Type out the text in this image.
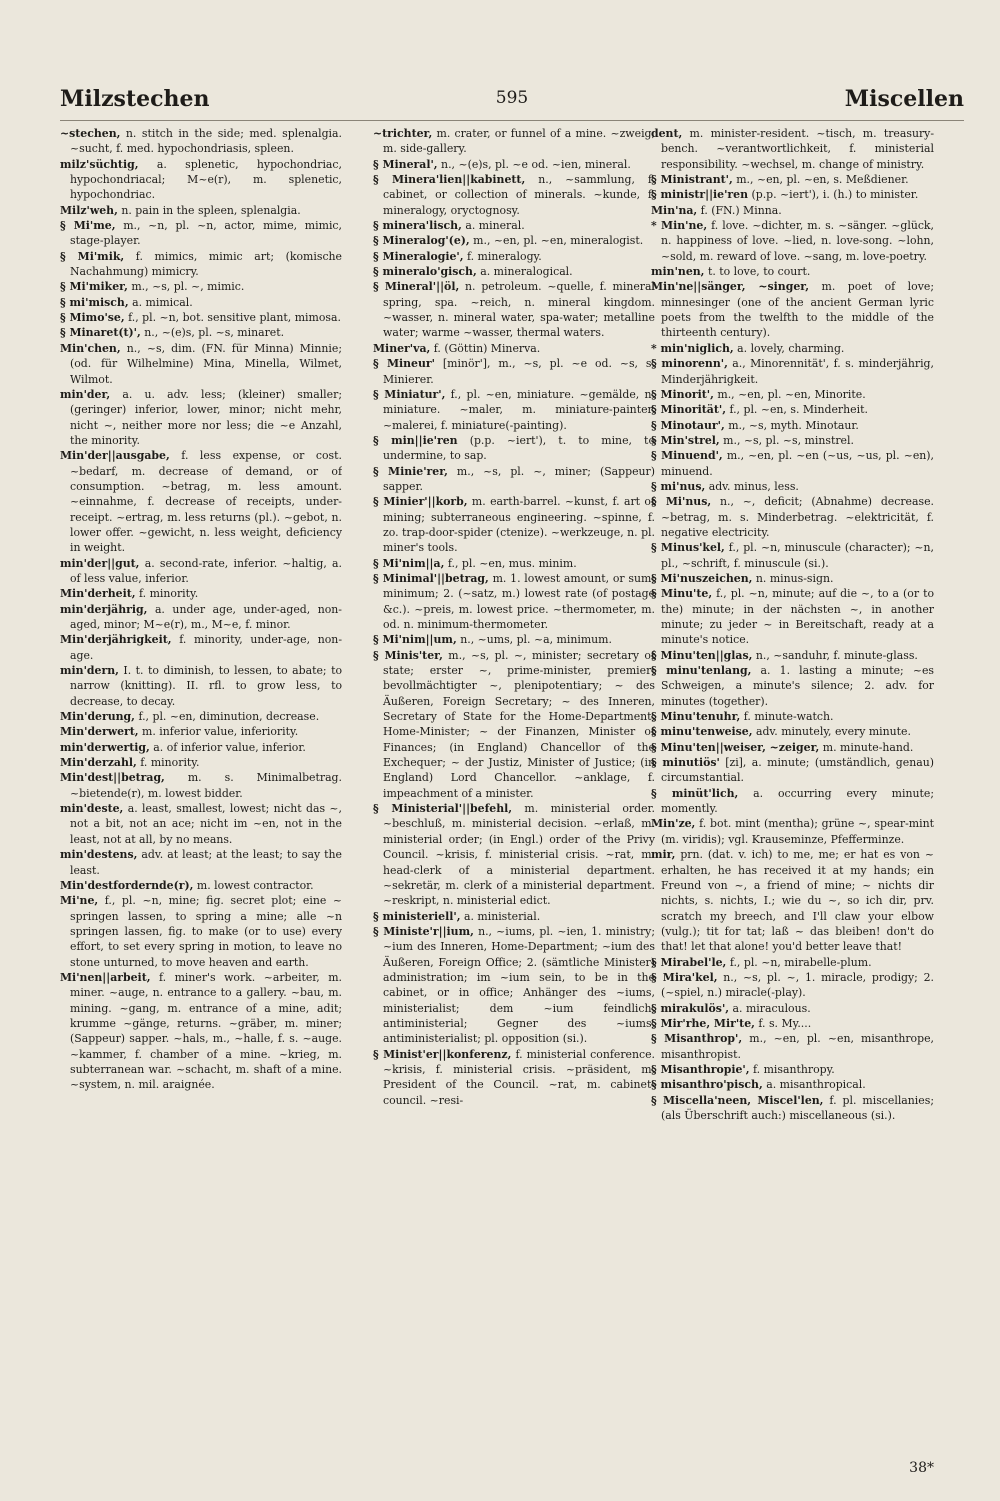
Milzstechen	595	Miscellen

~stechen, n. stitch in the side; med. splenalgia. ~sucht, f. med. hypochondriasis, spleen.

milz'süchtig, a. splenetic, hypochondriac, hypochondriacal; M~e(r), m. splenetic, hypochondriac.

Milz'weh, n. pain in the spleen, splenalgia.

§ Mi'me, m., ~n, pl. ~n, actor, mime, mimic, stage-player.

§ Mi'mik, f. mimics, mimic art; (komische Nachahmung) mimicry.

§ Mi'miker, m., ~s, pl. ~, mimic.

§ mi'misch, a. mimical.

§ Mimo'se, f., pl. ~n, bot. sensitive plant, mimosa.

§ Minaret(t)', n., ~(e)s, pl. ~s, minaret.

Min'chen, n., ~s, dim. (FN. für Minna) Minnie; (od. für Wilhelmine) Mina, Minella, Wilmet, Wilmot.

min'der, a. u. adv. less; (kleiner) smaller; (geringer) inferior, lower, minor; nicht mehr, nicht ~, neither more nor less; die ~e Anzahl, the minority.

Min'der||ausgabe, f. less expense, or cost. ~bedarf, m. decrease of demand, or of consumption. ~betrag, m. less amount. ~einnahme, f. decrease of receipts, under-receipt. ~ertrag, m. less returns (pl.). ~gebot, n. lower offer. ~gewicht, n. less weight, deficiency in weight.

min'der||gut, a. second-rate, inferior. ~haltig, a. of less value, inferior.

Min'derheit, f. minority.

min'derjährig, a. under age, under-aged, non-aged, minor; M~e(r), m., M~e, f. minor.

Min'derjährigkeit, f. minority, under-age, non-age.

min'dern, I. t. to diminish, to lessen, to abate; to narrow (knitting). II. rfl. to grow less, to decrease, to decay.

Min'derung, f., pl. ~en, diminution, decrease.

Min'derwert, m. inferior value, inferiority.

min'derwertig, a. of inferior value, inferior.

Min'derzahl, f. minority.

Min'dest||betrag, m. s. Minimalbetrag. ~bietende(r), m. lowest bidder.

min'deste, a. least, smallest, lowest; nicht das ~, not a bit, not an ace; nicht im ~en, not in the least, not at all, by no means.

min'destens, adv. at least; at the least; to say the least.

Min'destfordernde(r), m. lowest contractor.

Mi'ne, f., pl. ~n, mine; fig. secret plot; eine ~ springen lassen, to spring a mine; alle ~n springen lassen, fig. to make (or to use) every effort, to set every spring in motion, to leave no stone unturned, to move heaven and earth.

Mi'nen||arbeit, f. miner's work. ~arbeiter, m. miner. ~auge, n. entrance to a gallery. ~bau, m. mining. ~gang, m. entrance of a mine, adit; krumme ~gänge, returns. ~gräber, m. miner; (Sappeur) sapper. ~hals, m., ~halle, f. s. ~auge. ~kammer, f. chamber of a mine. ~krieg, m. subterranean war. ~schacht, m. shaft of a mine. ~system, n. mil. araignée.

~trichter, m. crater, or funnel of a mine. ~zweig, m. side-gallery.

§ Mineral', n., ~(e)s, pl. ~e od. ~ien, mineral.

§ Minera'lien||kabinett, n., ~sammlung, f. cabinet, or collection of minerals. ~kunde, f. mineralogy, oryctognosy.

§ minera'lisch, a. mineral.

§ Mineralog'(e), m., ~en, pl. ~en, mineralogist.

§ Mineralogie', f. mineralogy.

§ mineralo'gisch, a. mineralogical.

§ Mineral'||öl, n. petroleum. ~quelle, f. mineral spring, spa. ~reich, n. mineral kingdom. ~wasser, n. mineral water, spa-water; metalline water; warme ~wasser, thermal waters.

Miner'va, f. (Göttin) Minerva.

§ Mineur' [minör'], m., ~s, pl. ~e od. ~s, s. Minierer.

§ Miniatur', f., pl. ~en, miniature. ~gemälde, n. miniature. ~maler, m. miniature-painter. ~malerei, f. miniature(-painting).

§ min||ie'ren (p.p. ~iert'), t. to mine, to undermine, to sap.

§ Minie'rer, m., ~s, pl. ~, miner; (Sappeur) sapper.

§ Minier'||korb, m. earth-barrel. ~kunst, f. art of mining; subterraneous engineering. ~spinne, f. zo. trap-door-spider (ctenize). ~werkzeuge, n. pl. miner's tools.

§ Mi'nim||a, f., pl. ~en, mus. minim.

§ Minimal'||betrag, m. 1. lowest amount, or sum; minimum; 2. (~satz, m.) lowest rate (of postage &c.). ~preis, m. lowest price. ~thermometer, m. od. n. minimum-thermometer.

§ Mi'nim||um, n., ~ums, pl. ~a, minimum.

§ Minis'ter, m., ~s, pl. ~, minister; secretary of state; erster ~, prime-minister, premier; bevollmächtigter ~, plenipotentiary; ~ des Äußeren, Foreign Secretary; ~ des Inneren, Secretary of State for the Home-Department, Home-Minister; ~ der Finanzen, Minister of Finances; (in England) Chancellor of the Exchequer; ~ der Justiz, Minister of Justice; (in England) Lord Chancellor. ~anklage, f. impeachment of a minister.

§ Ministerial'||befehl, m. ministerial order. ~beschluß, m. ministerial decision. ~erlaß, m. ministerial order; (in Engl.) order of the Privy Council. ~krisis, f. ministerial crisis. ~rat, m. head-clerk of a ministerial department. ~sekretär, m. clerk of a ministerial department. ~reskript, n. ministerial edict.

§ ministeriell', a. ministerial.

§ Ministe'r||ium, n., ~iums, pl. ~ien, 1. ministry; ~ium des Inneren, Home-Department; ~ium des Äußeren, Foreign Office; 2. (sämtliche Minister) administration; im ~ium sein, to be in the cabinet, or in office; Anhänger des ~iums, ministerialist; dem ~ium feindlich, antiministerial; Gegner des ~iums, antiministerialist; pl. opposition (si.).

§ Minist'er||konferenz, f. ministerial conference. ~krisis, f. ministerial crisis. ~präsident, m. President of the Council. ~rat, m. cabinet-council. ~resi-

dent, m. minister-resident. ~tisch, m. treasury-bench. ~verantwortlichkeit, f. ministerial responsibility. ~wechsel, m. change of ministry.

§ Ministrant', m., ~en, pl. ~en, s. Meßdiener.

§ ministr||ie'ren (p.p. ~iert'), i. (h.) to minister.

Min'na, f. (FN.) Minna.

* Min'ne, f. love. ~dichter, m. s. ~sänger. ~glück, n. happiness of love. ~lied, n. love-song. ~lohn, ~sold, m. reward of love. ~sang, m. love-poetry.

min'nen, t. to love, to court.

Min'ne||sänger, ~singer, m. poet of love; minnesinger (one of the ancient German lyric poets from the twelfth to the middle of the thirteenth century).

* min'niglich, a. lovely, charming.

§ minorenn', a., Minorennität', f. s. minderjährig, Minderjährigkeit.

§ Minorit', m., ~en, pl. ~en, Minorite.

§ Minorität', f., pl. ~en, s. Minderheit.

§ Minotaur', m., ~s, myth. Minotaur.

§ Min'strel, m., ~s, pl. ~s, minstrel.

§ Minuend', m., ~en, pl. ~en (~us, ~us, pl. ~en), minuend.

§ mi'nus, adv. minus, less.

§ Mi'nus, n., ~, deficit; (Abnahme) decrease. ~betrag, m. s. Minderbetrag. ~elektricität, f. negative electricity.

§ Minus'kel, f., pl. ~n, minuscule (character); ~n, pl., ~schrift, f. minuscule (si.).

§ Mi'nuszeichen, n. minus-sign.

§ Minu'te, f., pl. ~n, minute; auf die ~, to a (or to the) minute; in der nächsten ~, in another minute; zu jeder ~ in Bereitschaft, ready at a minute's notice.

§ Minu'ten||glas, n., ~sanduhr, f. minute-glass.

§ minu'tenlang, a. 1. lasting a minute; ~es Schweigen, a minute's silence; 2. adv. for minutes (together).

§ Minu'tenuhr, f. minute-watch.

§ minu'tenweise, adv. minutely, every minute.

§ Minu'ten||weiser, ~zeiger, m. minute-hand.

§ minutiös' [zi], a. minute; (umständlich, genau) circumstantial.

§ minüt'lich, a. occurring every minute; momently.

Min'ze, f. bot. mint (mentha); grüne ~, spear-mint (m. viridis); vgl. Krauseminze, Pfefferminze.

mir, prn. (dat. v. ich) to me, me; er hat es von ~ erhalten, he has received it at my hands; ein Freund von ~, a friend of mine; ~ nichts dir nichts, s. nichts, I.; wie du ~, so ich dir, prv. scratch my breech, and I'll claw your elbow (vulg.); tit for tat; laß ~ das bleiben! don't do that! let that alone! you'd better leave that!

§ Mirabel'le, f., pl. ~n, mirabelle-plum.

§ Mira'kel, n., ~s, pl. ~, 1. miracle, prodigy; 2. (~spiel, n.) miracle(-play).

§ mirakulös', a. miraculous.

§ Mir'rhe, Mir'te, f. s. My....

§ Misanthrop', m., ~en, pl. ~en, misanthrope, misanthropist.

§ Misanthropie', f. misanthropy.

§ misanthro'pisch, a. misanthropical.

§ Miscella'neen, Miscel'len, f. pl. miscellanies; (als Überschrift auch:) miscellaneous (si.).

38*
